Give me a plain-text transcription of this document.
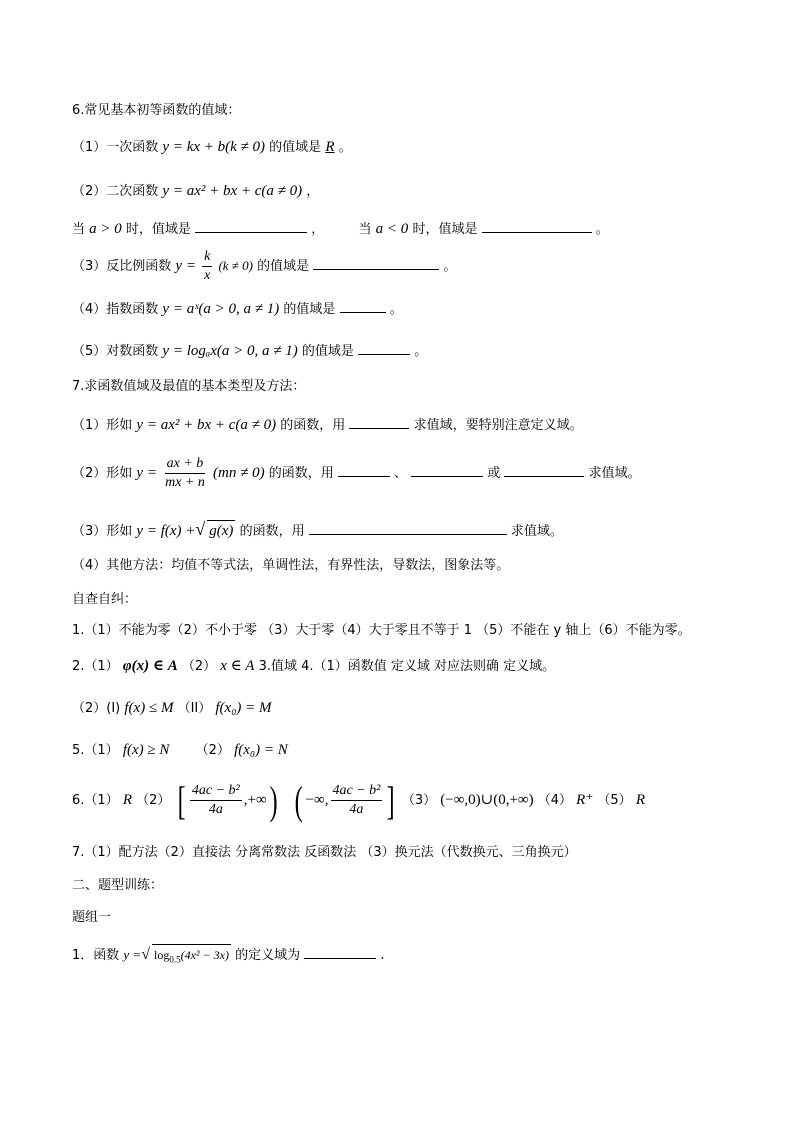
6.常见基本初等函数的值域：
（1）一次函数 y = kx + b(k ≠ 0) 的值域是 R 。
（2）二次函数 y = ax² + bx + c(a ≠ 0) ，
当 a > 0 时，值域是	，	当 a < 0 时，值域是	。
（3）反比例函数 $y = \frac{k}{x} (k \ne 0)$ 的值域是	。
（4）指数函数 y = aˣ(a > 0, a ≠ 1) 的值域是	。
（5）对数函数 y = logₐx(a > 0, a ≠ 1) 的值域是	。
7.求函数值域及最值的基本类型及方法：
（1）形如 y = ax² + bx + c(a ≠ 0) 的函数，用	求值域，要特别注意定义域。
（2）形如 $y = \frac{ax + b}{mx + n} (mn \ne 0)$ 的函数，用	、	或	求值域。
（3）形如 y = f(x) +√ g(x) 的函数，用	求值域。
（4）其他方法：均值不等式法，单调性法，有界性法，导数法，图象法等。
自查自纠：
1.（1）不能为零（2）不小于零 （3）大于零（4）大于零且不等于 1 （5）不能在 y 轴上（6）不能为零。
2.（1） φ(x) ∈ A （2） x ∈ A 3.值域 4.（1）函数值 定义域 对应法则确 定义域。
（2）(I) f(x) ≤ M （II） f(x₀) = M
5.（1） f(x) ≥ N （2） f(x₀) = N
6.（1） R （2） [ $\frac{\text{4ac − b²}}{4a}$ ,+∞) ( −∞, $\frac{\text{4ac − b²}}{4a}$ ] （3） (−∞,0)∪(0,+∞) （4） R⁺ （5） R
7.（1）配方法（2）直接法 分离常数法 反函数法 （3）换元法（代数换元、三角换元）
二、题型训练：
题组一
1．函数 y =√ $\log_{0.5}(4x^2 - 3x)$ 的定义域为	.
